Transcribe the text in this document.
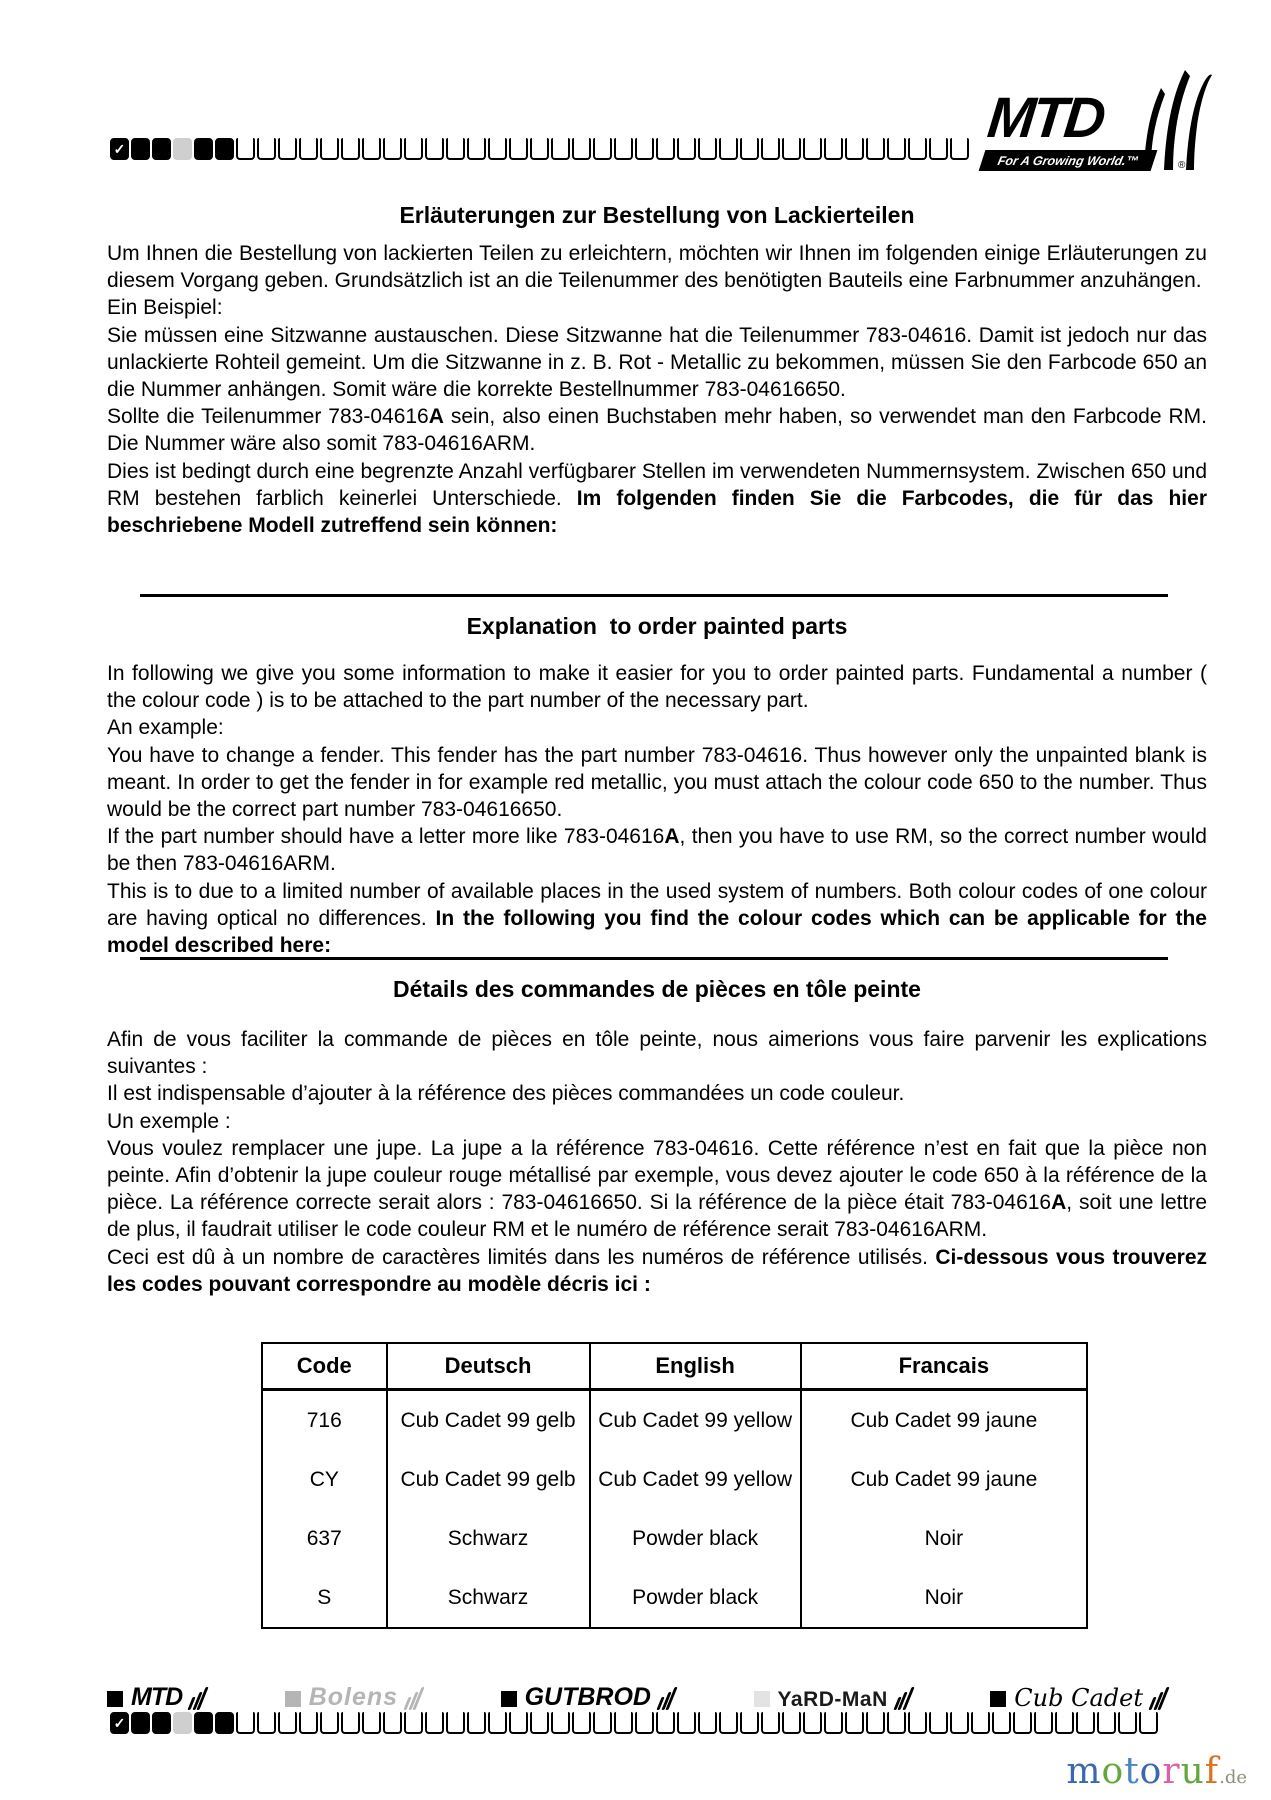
✓	MTD
For A Growing World.™	®
Erläuterungen zur Bestellung von Lackierteilen

Um Ihnen die Bestellung von lackierten Teilen zu erleichtern, möchten wir Ihnen im folgenden einige Erläuterungen zu diesem Vorgang geben. Grundsätzlich ist an die Teilenummer des benötigten Bauteils eine Farbnummer anzuhängen.

Ein Beispiel:

Sie müssen eine Sitzwanne austauschen. Diese Sitzwanne hat die Teilenummer 783-04616. Damit ist jedoch nur das unlackierte Rohteil gemeint. Um die Sitzwanne in z. B. Rot - Metallic zu bekommen, müssen Sie den Farbcode 650 an die Nummer anhängen. Somit wäre die korrekte Bestellnummer 783-04616650.

Sollte die Teilenummer 783-04616A sein, also einen Buchstaben mehr haben, so verwendet man den Farbcode RM. Die Nummer wäre also somit 783-04616ARM.

Dies ist bedingt durch eine begrenzte Anzahl verfügbarer Stellen im verwendeten Nummernsystem. Zwischen 650 und RM bestehen farblich keinerlei Unterschiede. Im folgenden finden Sie die Farbcodes, die für das hier beschriebene Modell zutreffend sein können:

Explanation  to order painted parts

In following we give you some information to make it easier for you to order painted parts. Fundamental a number ( the colour code ) is to be attached to the part number of the necessary part.

An example:

You have to change a fender. This fender has the part number 783-04616. Thus however only the unpainted blank is meant. In order to get the fender in for example red metallic, you must attach the colour code 650 to the number. Thus would be the correct part number 783-04616650.

If the part number should have a letter more like 783-04616A, then you have to use RM, so the correct number would be then 783-04616ARM.

This is to due to a limited number of available places in the used system of numbers. Both colour codes of one colour are having optical no differences. In the following you find the colour codes which can be applicable for the model described here:

Détails des commandes de pièces en tôle peinte

Afin de vous faciliter la commande de pièces en tôle peinte, nous aimerions vous faire parvenir les explications suivantes :

Il est indispensable d’ajouter à la référence des pièces commandées un code couleur.

Un exemple :

Vous voulez remplacer une jupe. La jupe a la référence 783-04616. Cette référence n’est en fait que la pièce non peinte. Afin d’obtenir la jupe couleur rouge métallisé par exemple, vous devez ajouter le code 650 à la référence de la pièce. La référence correcte serait alors : 783-04616650. Si la référence de la pièce était 783-04616A, soit une lettre de plus, il faudrait utiliser le code couleur RM et le numéro de référence serait 783-04616ARM.

Ceci est dû à un nombre de caractères limités dans les numéros de référence utilisés. Ci-dessous vous trouverez les codes pouvant correspondre au modèle décris ici :

Code	Deutsch	English	Francais
716	Cub Cadet 99 gelb	Cub Cadet 99 yellow	Cub Cadet 99 jaune
CY	Cub Cadet 99 gelb	Cub Cadet 99 yellow	Cub Cadet 99 jaune
637	Schwarz	Powder black	Noir
S	Schwarz	Powder black	Noir
MTD	Bolens	GUTBROD	YaRD-MaN	Cub Cadet
✓
motoruf.de
